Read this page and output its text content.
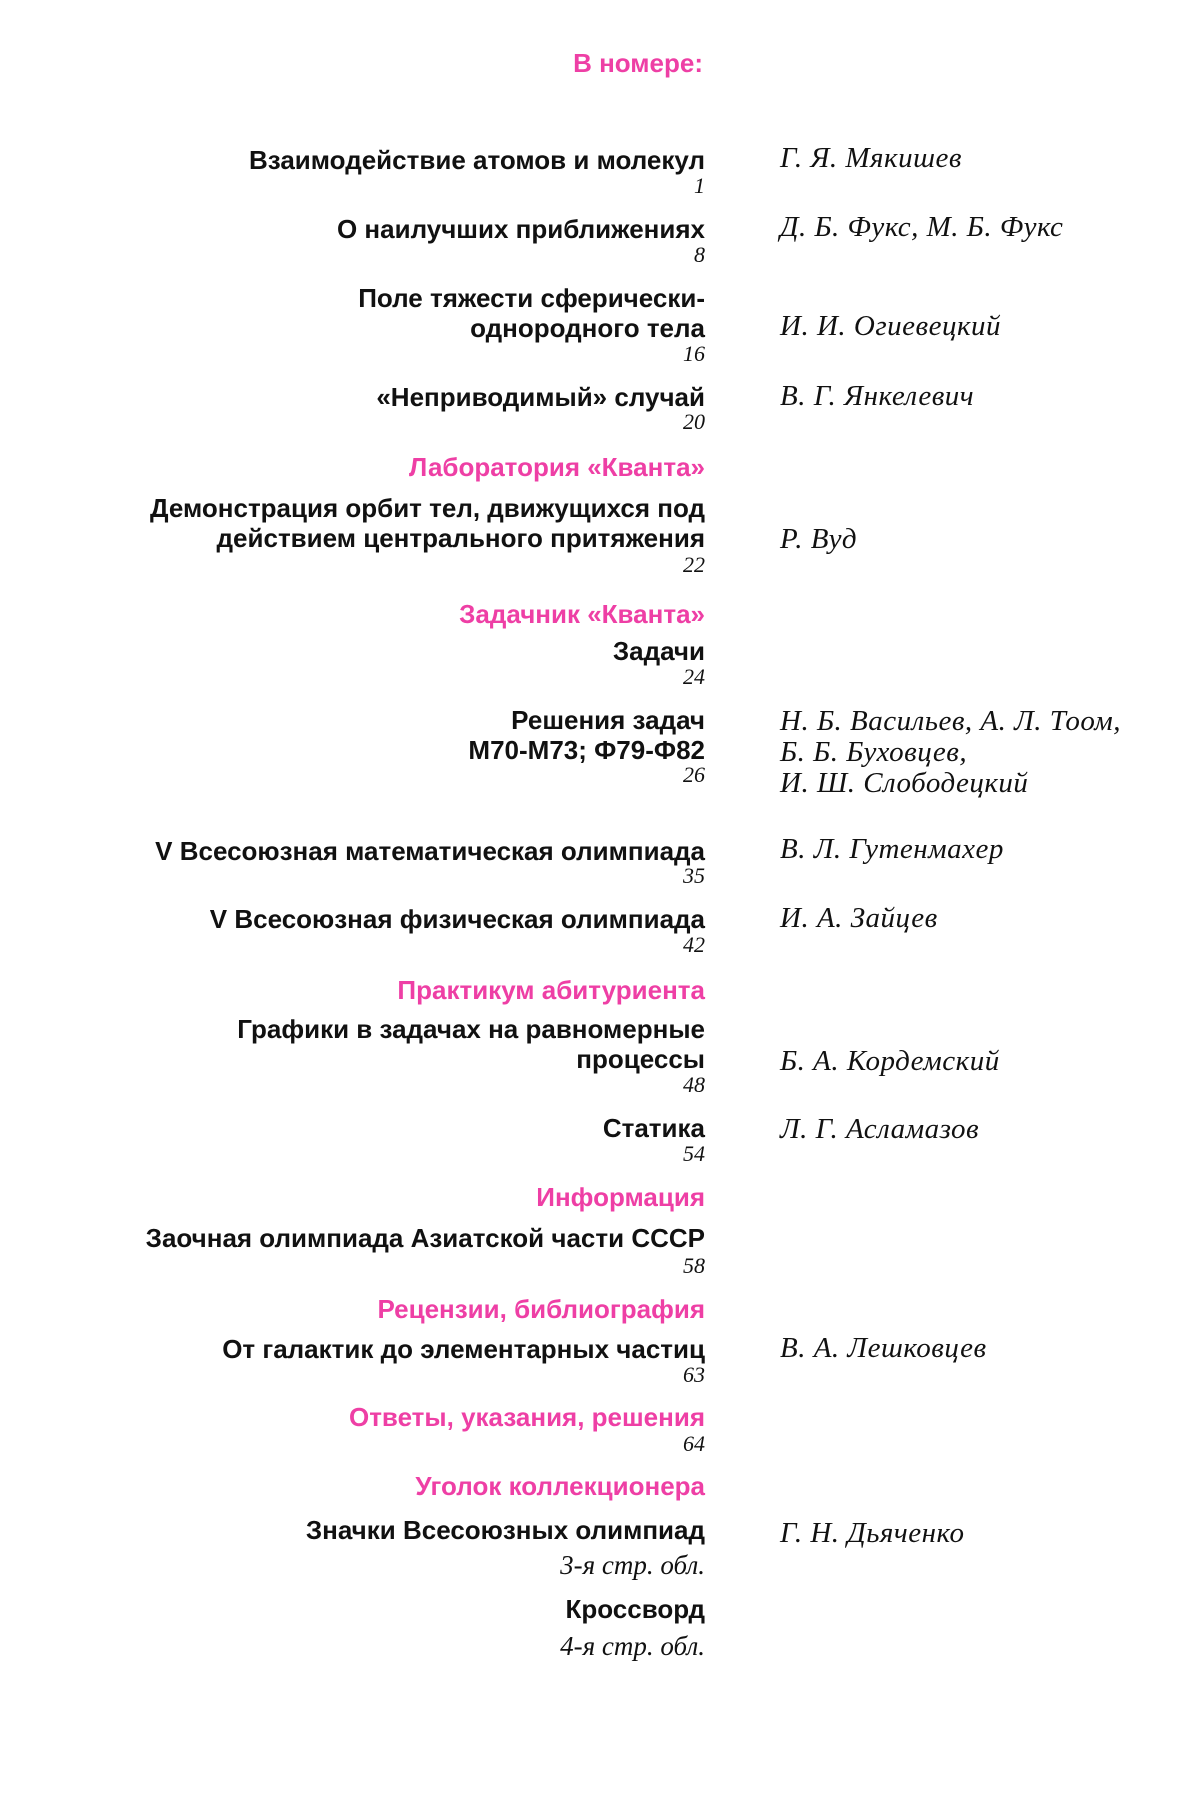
В номере:
Взаимодействие атомов и молекул
1
Г. Я. Мякишев
О наилучших приближениях
8
Д. Б. Фукс, М. Б. Фукс
Поле тяжести сферически-
однородного тела
16
И. И. Огиевецкий
«Неприводимый» случай
20
В. Г. Янкелевич
Лаборатория «Кванта»
Демонстрация орбит тел, движущихся под
действием центрального притяжения
22
Р. Вуд
Задачник «Кванта»
Задачи
24
Решения задач
М70-М73; Ф79-Ф82
26
Н. Б. Васильев, А. Л. Тоом,
Б. Б. Буховцев,
И. Ш. Слободецкий
V Всесоюзная математическая олимпиада
35
В. Л. Гутенмахер
V Всесоюзная физическая олимпиада
42
И. А. Зайцев
Практикум абитуриента
Графики в задачах на равномерные
процессы
48
Б. А. Кордемский
Статика
54
Л. Г. Асламазов
Информация
Заочная олимпиада Азиатской части СССР
58
Рецензии, библиография
От галактик до элементарных частиц
63
В. А. Лешковцев
Ответы, указания, решения
64
Уголок коллекционера
Значки Всесоюзных олимпиад
3-я стр. обл.
Г. Н. Дьяченко
Кроссворд
4-я стр. обл.
